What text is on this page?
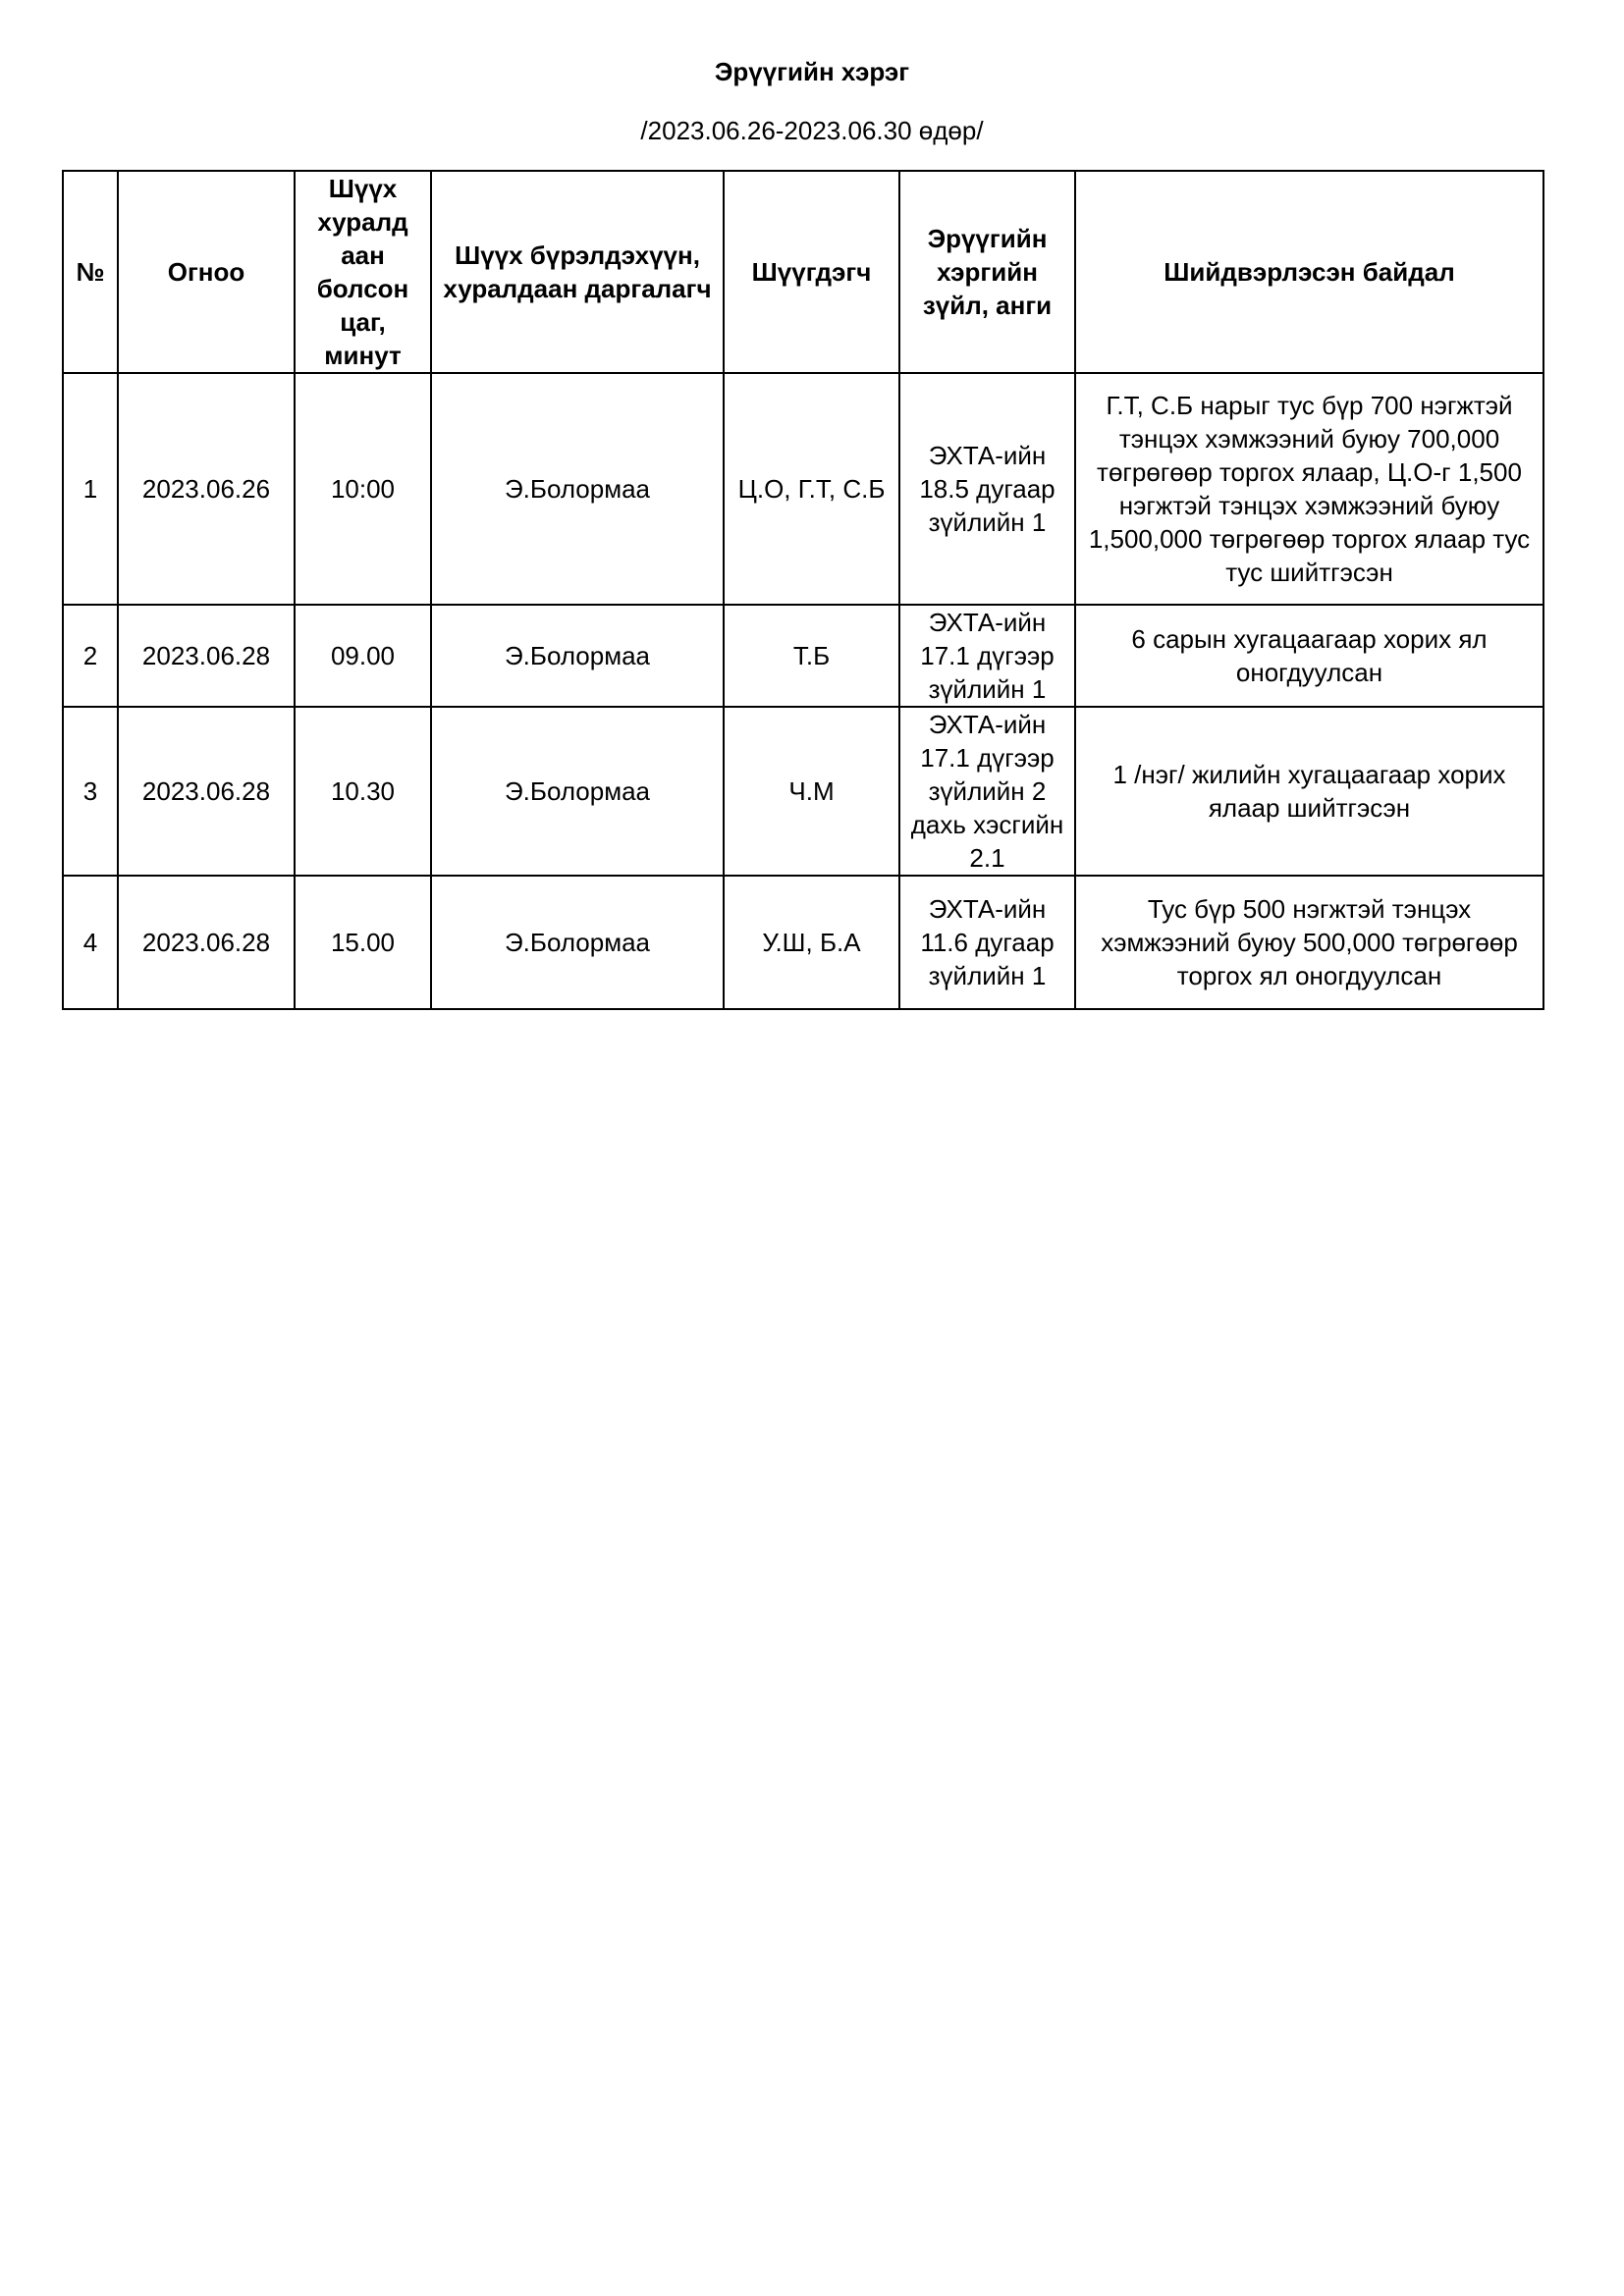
Эрүүгийн хэрэг
/2023.06.26-2023.06.30 өдөр/
№	Огноо	Шүүх хуралд аан болсон цаг, минут	Шүүх бүрэлдэхүүн, хуралдаан даргалагч	Шүүгдэгч	Эрүүгийн хэргийн зүйл, анги	Шийдвэрлэсэн байдал
1	2023.06.26	10:00	Э.Болормаа	Ц.О, Г.Т, С.Б	ЭХТА-ийн 18.5 дугаар зүйлийн 1	Г.Т, С.Б нарыг тус бүр 700 нэгжтэй тэнцэх хэмжээний буюу 700,000 төгрөгөөр торгох ялаар, Ц.О-г 1,500 нэгжтэй тэнцэх хэмжээний буюу 1,500,000 төгрөгөөр торгох ялаар тус тус шийтгэсэн
2	2023.06.28	09.00	Э.Болормаа	Т.Б	ЭХТА-ийн 17.1 дүгээр зүйлийн 1	6 сарын хугацаагаар хорих ял оногдуулсан
3	2023.06.28	10.30	Э.Болормаа	Ч.М	ЭХТА-ийн 17.1 дүгээр зүйлийн 2 дахь хэсгийн 2.1	1 /нэг/ жилийн хугацаагаар хорих ялаар шийтгэсэн
4	2023.06.28	15.00	Э.Болормаа	У.Ш, Б.А	ЭХТА-ийн 11.6 дугаар зүйлийн 1	Тус бүр 500 нэгжтэй тэнцэх хэмжээний буюу 500,000 төгрөгөөр торгох ял оногдуулсан
